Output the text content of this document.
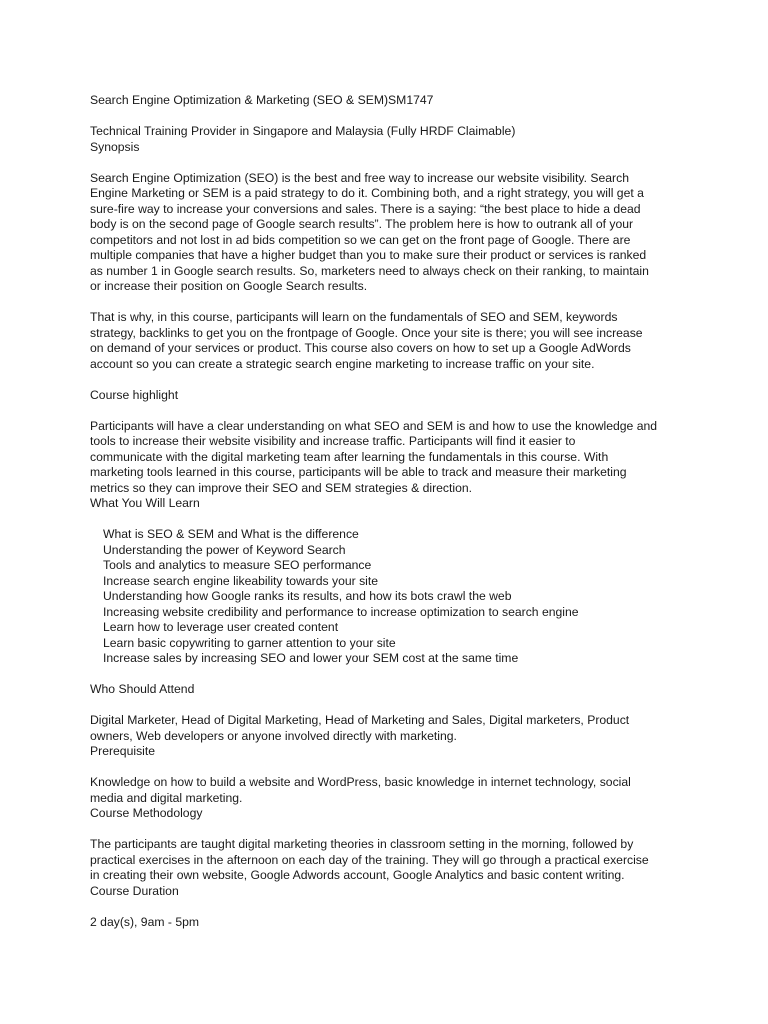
Search Engine Optimization & Marketing (SEO & SEM)SM1747
Technical Training Provider in Singapore and Malaysia (Fully HRDF Claimable)
Synopsis

Search Engine Optimization (SEO) is the best and free way to increase our website visibility. Search

Engine Marketing or SEM is a paid strategy to do it. Combining both, and a right strategy, you will get a

sure-fire way to increase your conversions and sales. There is a saying: “the best place to hide a dead

body is on the second page of Google search results”. The problem here is how to outrank all of your

competitors and not lost in ad bids competition so we can get on the front page of Google. There are

multiple companies that have a higher budget than you to make sure their product or services is ranked

as number 1 in Google search results. So, marketers need to always check on their ranking, to maintain

or increase their position on Google Search results.

That is why, in this course, participants will learn on the fundamentals of SEO and SEM, keywords

strategy, backlinks to get you on the frontpage of Google. Once your site is there; you will see increase

on demand of your services or product. This course also covers on how to set up a Google AdWords

account so you can create a strategic search engine marketing to increase traffic on your site.

Course highlight

Participants will have a clear understanding on what SEO and SEM is and how to use the knowledge and

tools to increase their website visibility and increase traffic. Participants will find it easier to

communicate with the digital marketing team after learning the fundamentals in this course. With

marketing tools learned in this course, participants will be able to track and measure their marketing

metrics so they can improve their SEO and SEM strategies & direction.

What You Will Learn
What is SEO & SEM and What is the difference
Understanding the power of Keyword Search
Tools and analytics to measure SEO performance
Increase search engine likeability towards your site
Understanding how Google ranks its results, and how its bots crawl the web
Increasing website credibility and performance to increase optimization to search engine
Learn how to leverage user created content
Learn basic copywriting to garner attention to your site
Increase sales by increasing SEO and lower your SEM cost at the same time
Who Should Attend

Digital Marketer, Head of Digital Marketing, Head of Marketing and Sales, Digital marketers, Product

owners, Web developers or anyone involved directly with marketing.

Prerequisite

Knowledge on how to build a website and WordPress, basic knowledge in internet technology, social

media and digital marketing.

Course Methodology

The participants are taught digital marketing theories in classroom setting in the morning, followed by

practical exercises in the afternoon on each day of the training. They will go through a practical exercise

in creating their own website, Google Adwords account, Google Analytics and basic content writing.

Course Duration
2 day(s), 9am - 5pm
